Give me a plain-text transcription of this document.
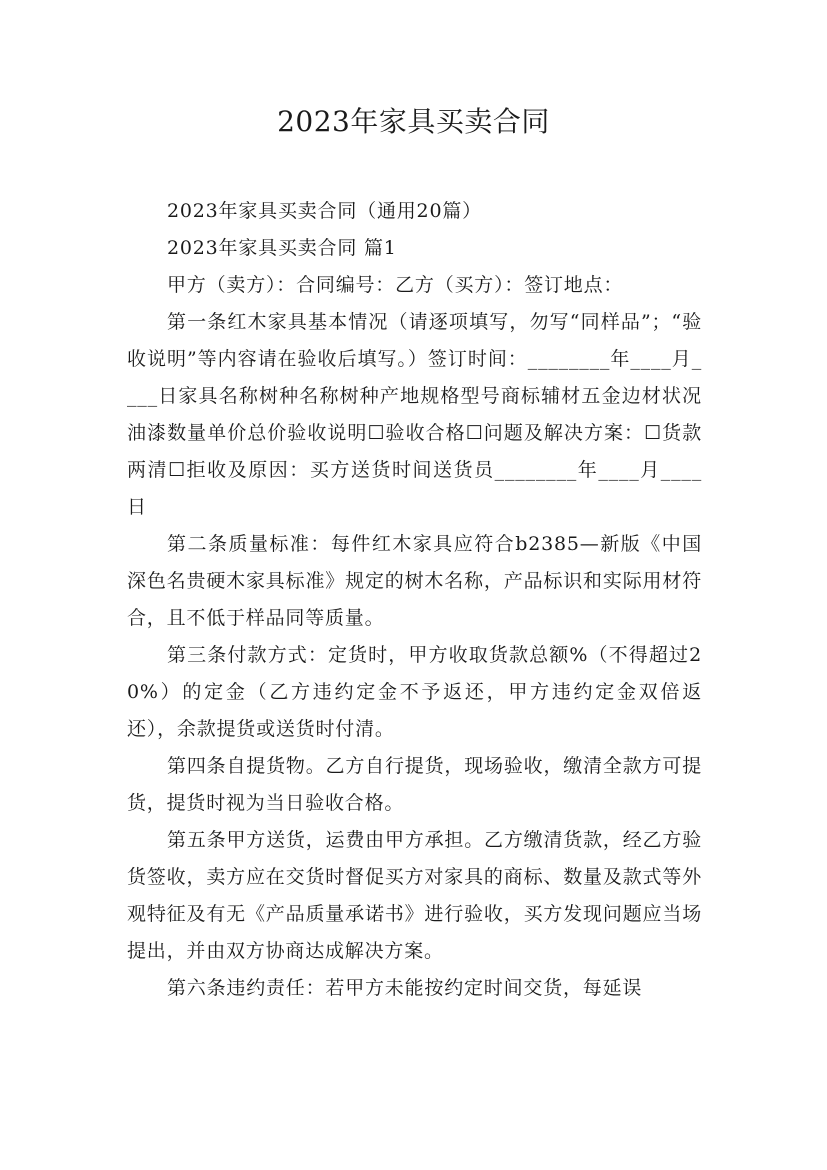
2023年家具买卖合同

2023年家具买卖合同（通用20篇）

2023年家具买卖合同 篇1

甲方（卖方）：合同编号：乙方（买方）：签订地点：

第一条红木家具基本情况（请逐项填写，勿写“同样品”；“验收说明”等内容请在验收后填写。）签订时间：________年____月____日家具名称树种名称树种产地规格型号商标辅材五金边材状况油漆数量单价总价验收说明☐验收合格☐问题及解决方案：☐货款两清☐拒收及原因：买方送货时间送货员________年____月____日

第二条质量标准：每件红木家具应符合b2385—新版《中国深色名贵硬木家具标准》规定的树木名称，产品标识和实际用材符合，且不低于样品同等质量。

第三条付款方式：定货时，甲方收取货款总额%（不得超过20%）的定金（乙方违约定金不予返还，甲方违约定金双倍返还），余款提货或送货时付清。

第四条自提货物。乙方自行提货，现场验收，缴清全款方可提货，提货时视为当日验收合格。

第五条甲方送货，运费由甲方承担。乙方缴清货款，经乙方验货签收，卖方应在交货时督促买方对家具的商标、数量及款式等外观特征及有无《产品质量承诺书》进行验收，买方发现问题应当场提出，并由双方协商达成解决方案。

第六条违约责任：若甲方未能按约定时间交货，每延误
